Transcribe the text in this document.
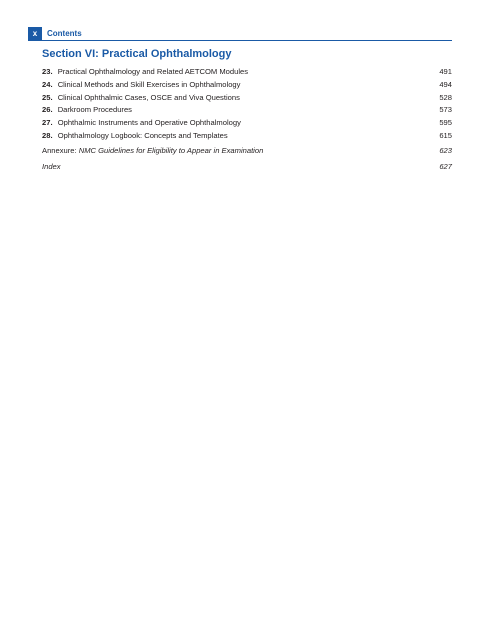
x	Contents
Section VI: Practical Ophthalmology
23. Practical Ophthalmology and Related AETCOM Modules	491
24. Clinical Methods and Skill Exercises in Ophthalmology	494
25. Clinical Ophthalmic Cases, OSCE and Viva Questions	528
26. Darkroom Procedures	573
27. Ophthalmic Instruments and Operative Ophthalmology	595
28. Ophthalmology Logbook: Concepts and Templates	615
Annexure: NMC Guidelines for Eligibility to Appear in Examination	623
Index	627
